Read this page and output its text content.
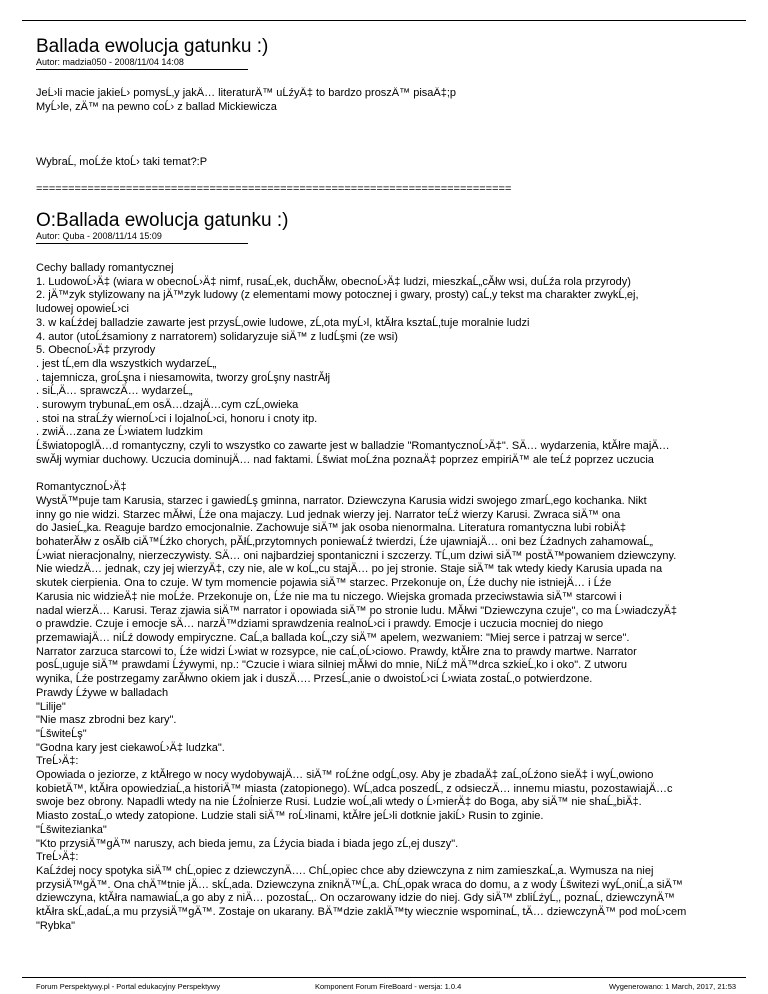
Ballada ewolucja gatunku :)
Autor: madzia050 - 2008/11/04 14:08
JeĹ›li macie jakieĹ› pomysĹ‚y jakÄ… literaturÄ™ uĹźyÄ‡ to bardzo proszÄ™ pisaÄ‡;p
MyĹ›le, zÄ™ na pewno coĹ› z ballad Mickiewicza

WybraĹ‚ moĹźe ktoĹ› taki temat?:P

==========================================================================
O:Ballada ewolucja gatunku :)
Autor: Quba - 2008/11/14 15:09
Cechy ballady romantycznej
1. LudowoĹ›Ä‡ (wiara w obecnoĹ›Ä‡ nimf, rusaĹ‚ek, duchĂłw, obecnoĹ›Ä‡ ludzi, mieszkaĹ„cĂłw wsi, duĹźa rola przyrody)
2. jÄ™zyk stylizowany na jÄ™zyk ludowy (z elementami mowy potocznej i gwary, prosty) caĹ‚y tekst ma charakter zwykĹ‚ej,
ludowej opowieĹ›ci
3. w kaĹźdej balladzie zawarte jest przysĹ‚owie ludowe, zĹ‚ota myĹ›l, ktĂłra ksztaĹ‚tuje moralnie ludzi
4. autor (utoĹźsamiony z narratorem) solidaryzuje siÄ™ z ludĹşmi (ze wsi)
5. ObecnoĹ›Ä‡ przyrody
. jest tĹ‚em dla wszystkich wydarzeĹ„
. tajemnicza, groĹşna i niesamowita, tworzy groĹşny nastrĂłj
. siĹ‚Ä… sprawczÄ… wydarzeĹ„
. surowym trybunaĹ‚em osÄ…dzajÄ…cym czĹ‚owieka
. stoi na straĹźy wiernoĹ›ci i lojalnoĹ›ci, honoru i cnoty itp.
. zwiÄ…zana ze Ĺ›wiatem ludzkim
ĹšwiatopoglÄ…d romantyczny, czyli to wszystko co zawarte jest w balladzie "RomantycznoĹ›Ä‡". SÄ… wydarzenia, ktĂłre majÄ…
swĂłj wymiar duchowy. Uczucia dominujÄ… nad faktami. Ĺšwiat moĹźna poznaÄ‡ poprzez empiriÄ™ ale teĹź poprzez uczucia

RomantycznoĹ›Ä‡
WystÄ™puje tam Karusia, starzec i gawiedĹş gminna, narrator. Dziewczyna Karusia widzi swojego zmarĹ‚ego kochanka. Nikt
inny go nie widzi. Starzec mĂłwi, Ĺźe ona majaczy. Lud jednak wierzy jej. Narrator teĹź wierzy Karusi. Zwraca siÄ™ ona
do JasieĹ„ka. Reaguje bardzo emocjonalnie. Zachowuje siÄ™ jak osoba nienormalna. Literatura romantyczna lubi robiÄ‡
bohaterĂłw z osĂłb ciÄ™Ĺźko chorych, pĂłĹ‚przytomnych poniewaĹź twierdzi, Ĺźe ujawniajÄ… oni bez Ĺźadnych zahamowaĹ„
Ĺ›wiat nieracjonalny, nierzeczywisty. SÄ… oni najbardziej spontaniczni i szczerzy. TĹ‚um dziwi siÄ™ postÄ™powaniem dziewczyny.
Nie wiedzÄ… jednak, czy jej wierzyÄ‡, czy nie, ale w koĹ„cu stajÄ… po jej stronie. Staje siÄ™ tak wtedy kiedy Karusia upada na
skutek cierpienia. Ona to czuje. W tym momencie pojawia siÄ™ starzec. Przekonuje on, Ĺźe duchy nie istniejÄ… i Ĺźe
Karusia nic widzieÄ‡ nie moĹźe. Przekonuje on, Ĺźe nie ma tu niczego. Wiejska gromada przeciwstawia siÄ™ starcowi i
nadal wierzÄ… Karusi. Teraz zjawia siÄ™ narrator i opowiada siÄ™ po stronie ludu. MĂłwi "Dziewczyna czuje", co ma Ĺ›wiadczyÄ‡
o prawdzie. Czuje i emocje sÄ… narzÄ™dziami sprawdzenia realnoĹ›ci i prawdy. Emocje i uczucia mocniej do niego
przemawiajÄ… niĹź dowody empiryczne. CaĹ‚a ballada koĹ„czy siÄ™ apelem, wezwaniem: "Miej serce i patrzaj w serce".
Narrator zarzuca starcowi to, Ĺźe widzi Ĺ›wiat w rozsypce, nie caĹ‚oĹ›ciowo. Prawdy, ktĂłre zna to prawdy martwe. Narrator
posĹ‚uguje siÄ™ prawdami Ĺźywymi, np.: "Czucie i wiara silniej mĂłwi do mnie, NiĹź mÄ™drca szkieĹ‚ko i oko". Z utworu
wynika, Ĺźe postrzegamy zarĂłwno okiem jak i duszÄ…. PrzesĹ‚anie o dwoistoĹ›ci Ĺ›wiata zostaĹ‚o potwierdzone.
Prawdy Ĺźywe w balladach
"Lilije"
"Nie masz zbrodni bez kary".
"ĹšwiteĹş"
"Godna kary jest ciekawoĹ›Ä‡ ludzka".
TreĹ›Ä‡:
Opowiada o jeziorze, z ktĂłrego w nocy wydobywajÄ… siÄ™ roĹźne odgĹ‚osy. Aby je zbadaÄ‡ zaĹ‚oĹźono sieÄ‡ i wyĹ‚owiono
kobietÄ™, ktĂłra opowiedziaĹ‚a historiÄ™ miasta (zatopionego). WĹ‚adca poszedĹ‚ z odsieczÄ… innemu miastu, pozostawiajÄ…c
swoje bez obrony. Napadli wtedy na nie Ĺźoĺnierze Rusi. Ludzie woĹ‚ali wtedy o Ĺ›mierÄ‡ do Boga, aby siÄ™ nie shaĹ„biÄ‡.
Miasto zostaĹ‚o wtedy zatopione. Ludzie stali siÄ™ roĹ›linami, ktĂłre jeĹ›li dotknie jakiĹ› Rusin to zginie.
"Ĺšwitezianka"
"Kto przysiÄ™gÄ™ naruszy, ach bieda jemu, za Ĺźycia biada i biada jego zĹ‚ej duszy".
TreĹ›Ä‡:
KaĹźdej nocy spotyka siÄ™ chĹ‚opiec z dziewczynÄ…. ChĹ‚opiec chce aby dziewczyna z nim zamieszkaĹ‚a. Wymusza na niej
przysiÄ™gÄ™. Ona chÄ™tnie jÄ… skĹ‚ada. Dziewczyna zniknÄ™Ĺ‚a. ChĹ‚opak wraca do domu, a z wody Ĺšwitezi wyĹ‚oniĹ‚a siÄ™
dziewczyna, ktĂłra namawiaĹ‚a go aby z niÄ… pozostaĹ‚. On oczarowany idzie do niej. Gdy siÄ™ zbliĹźyĹ‚, poznaĹ‚ dziewczynÄ™
ktĂłra skĹ‚adaĹ‚a mu przysiÄ™gÄ™. Zostaje on ukarany. BÄ™dzie zaklÄ™ty wiecznie wspominaĹ‚ tÄ… dziewczynÄ™ pod moĹ›cem
"Rybka"
Forum Perspektywy.pl - Portal edukacyjny Perspektywy	Komponent Forum FireBoard - wersja: 1.0.4	Wygenerowano: 1 March, 2017, 21:53
